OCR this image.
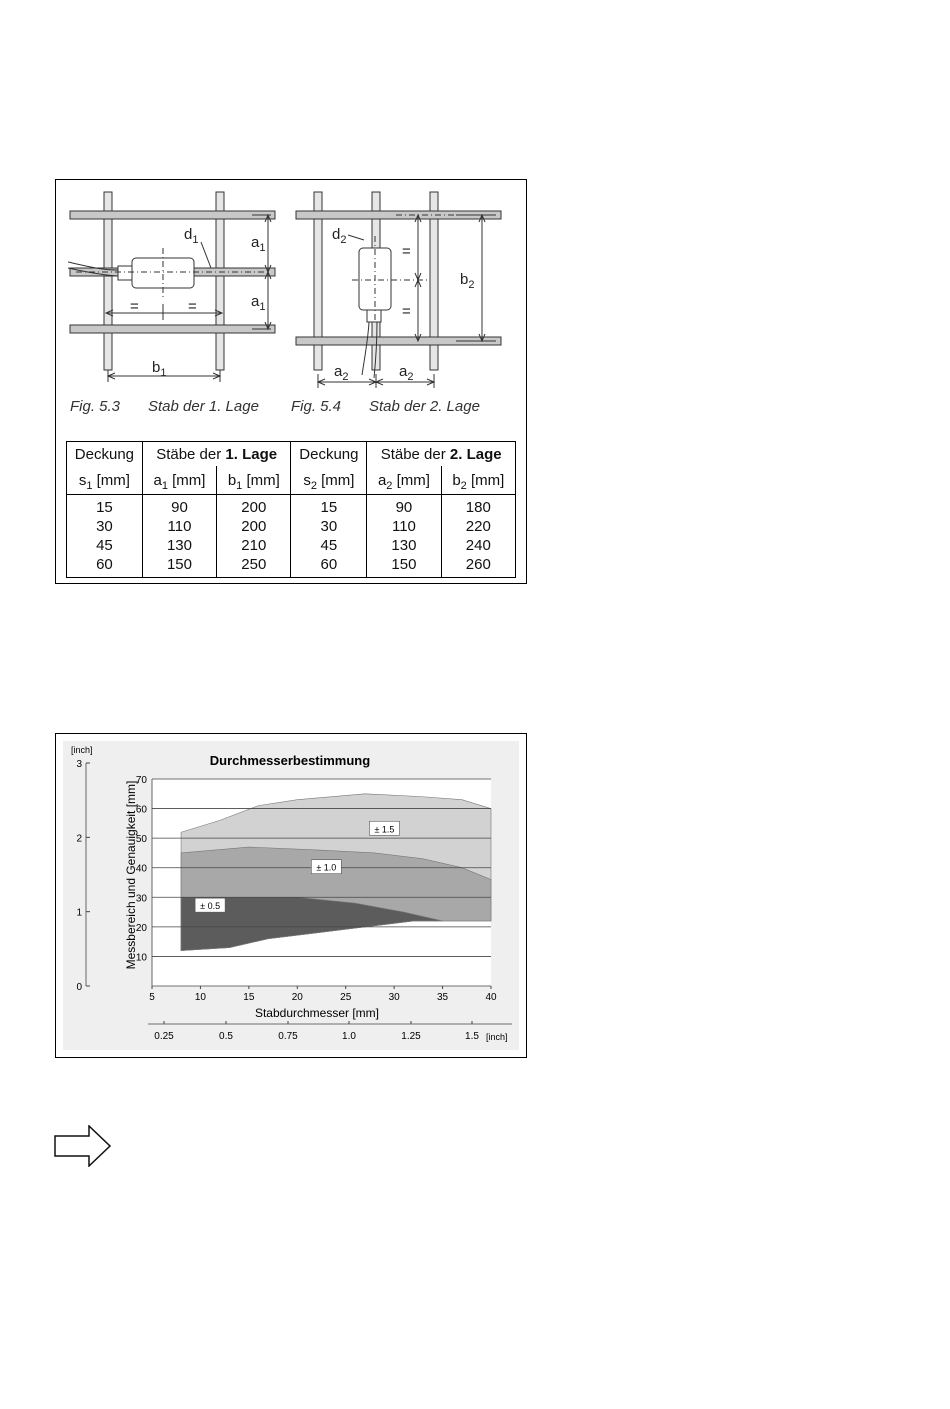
$d_1$	$a_1$
$a_1$
=	=
$b_1$
$d_2$
=
=
$b_2$
$a_2$	$a_2$
Fig. 5.3 Stab der 1. Lage Fig. 5.4 Stab der 2. Lage
Deckung	Stäbe der 1. Lage		Deckung	Stäbe der 2. Lage	
$s_1$ [mm]	$a_1$ [mm]	$b_1$ [mm]	$s_2$ [mm]	$a_2$ [mm]	$b_2$ [mm]
15	90	200	15	90	180
30	110	200	30	110	220
45	130	210	45	130	240
60	150	250	60	150	260
Durchmesserbestimmung
10
20
30
40
50
60
70
5	10	15	20	25	30	35	40
± 1.5
± 1.0
± 0.5
0
1
2
3
0.25	0.5	0.75	1.0	1.25	1.5
Messbereich und Genauigkeit [mm]
Stabdurchmesser [mm]
[inch]
[inch]
